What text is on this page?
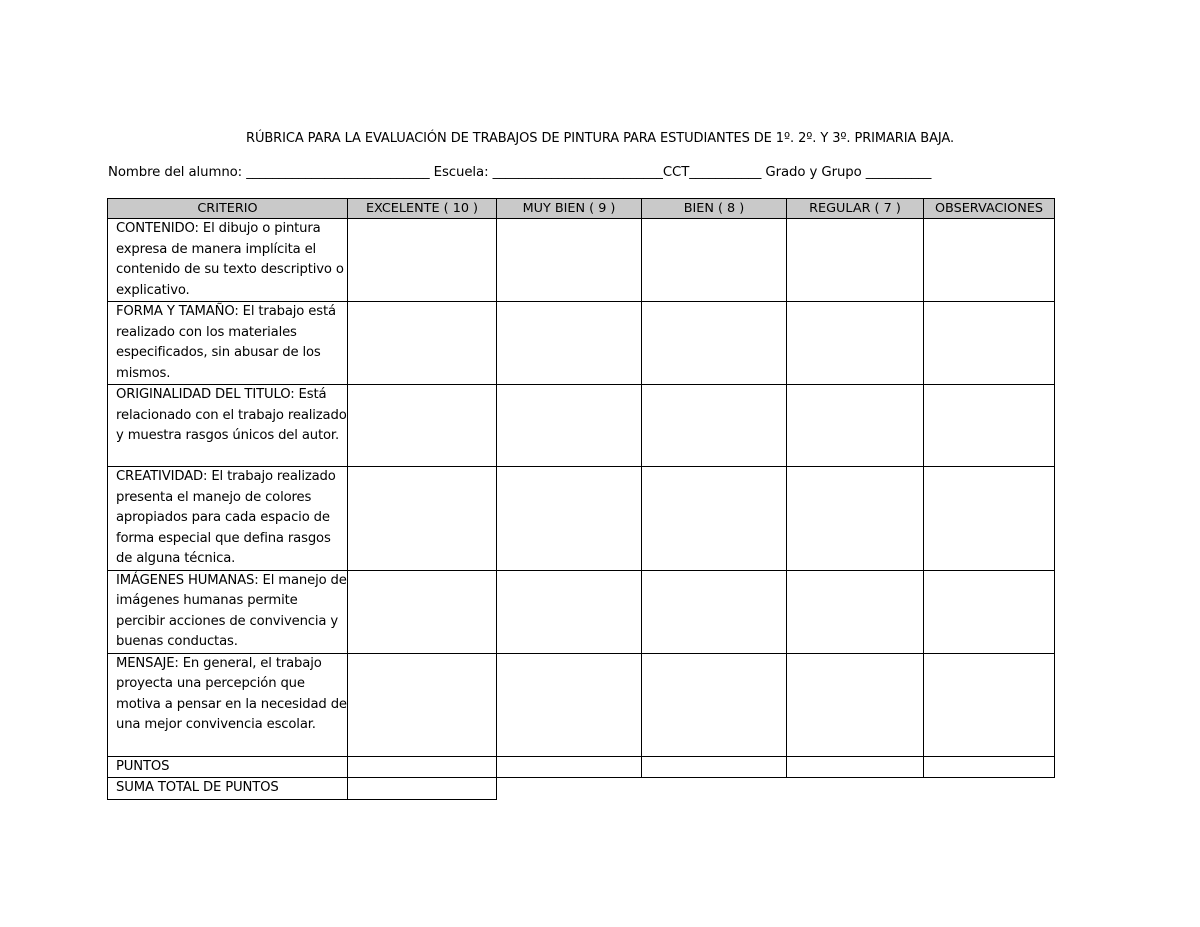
RÚBRICA PARA LA EVALUACIÓN DE TRABAJOS DE PINTURA PARA ESTUDIANTES DE 1º. 2º. Y 3º. PRIMARIA BAJA.
Nombre del alumno: ____________________________ Escuela: __________________________CCT___________ Grado y Grupo __________
CRITERIO	EXCELENTE ( 10 )	MUY BIEN ( 9 )	BIEN ( 8 )	REGULAR ( 7 )	OBSERVACIONES
CONTENIDO: El dibujo o pintura expresa de manera implícita el contenido de su texto descriptivo o explicativo.					
FORMA Y TAMAÑO: El trabajo está realizado con los materiales especificados, sin abusar de los mismos.					
ORIGINALIDAD DEL TITULO: Está relacionado con el trabajo realizado y muestra rasgos únicos del autor.					
CREATIVIDAD: El trabajo realizado presenta el manejo de colores apropiados para cada espacio de forma especial que defina rasgos de alguna técnica.					
IMÁGENES HUMANAS: El manejo de imágenes humanas permite percibir acciones de convivencia y buenas conductas.					
MENSAJE: En general, el trabajo proyecta una percepción que motiva a pensar en la necesidad de una mejor convivencia escolar.					
PUNTOS					
SUMA TOTAL DE PUNTOS					
